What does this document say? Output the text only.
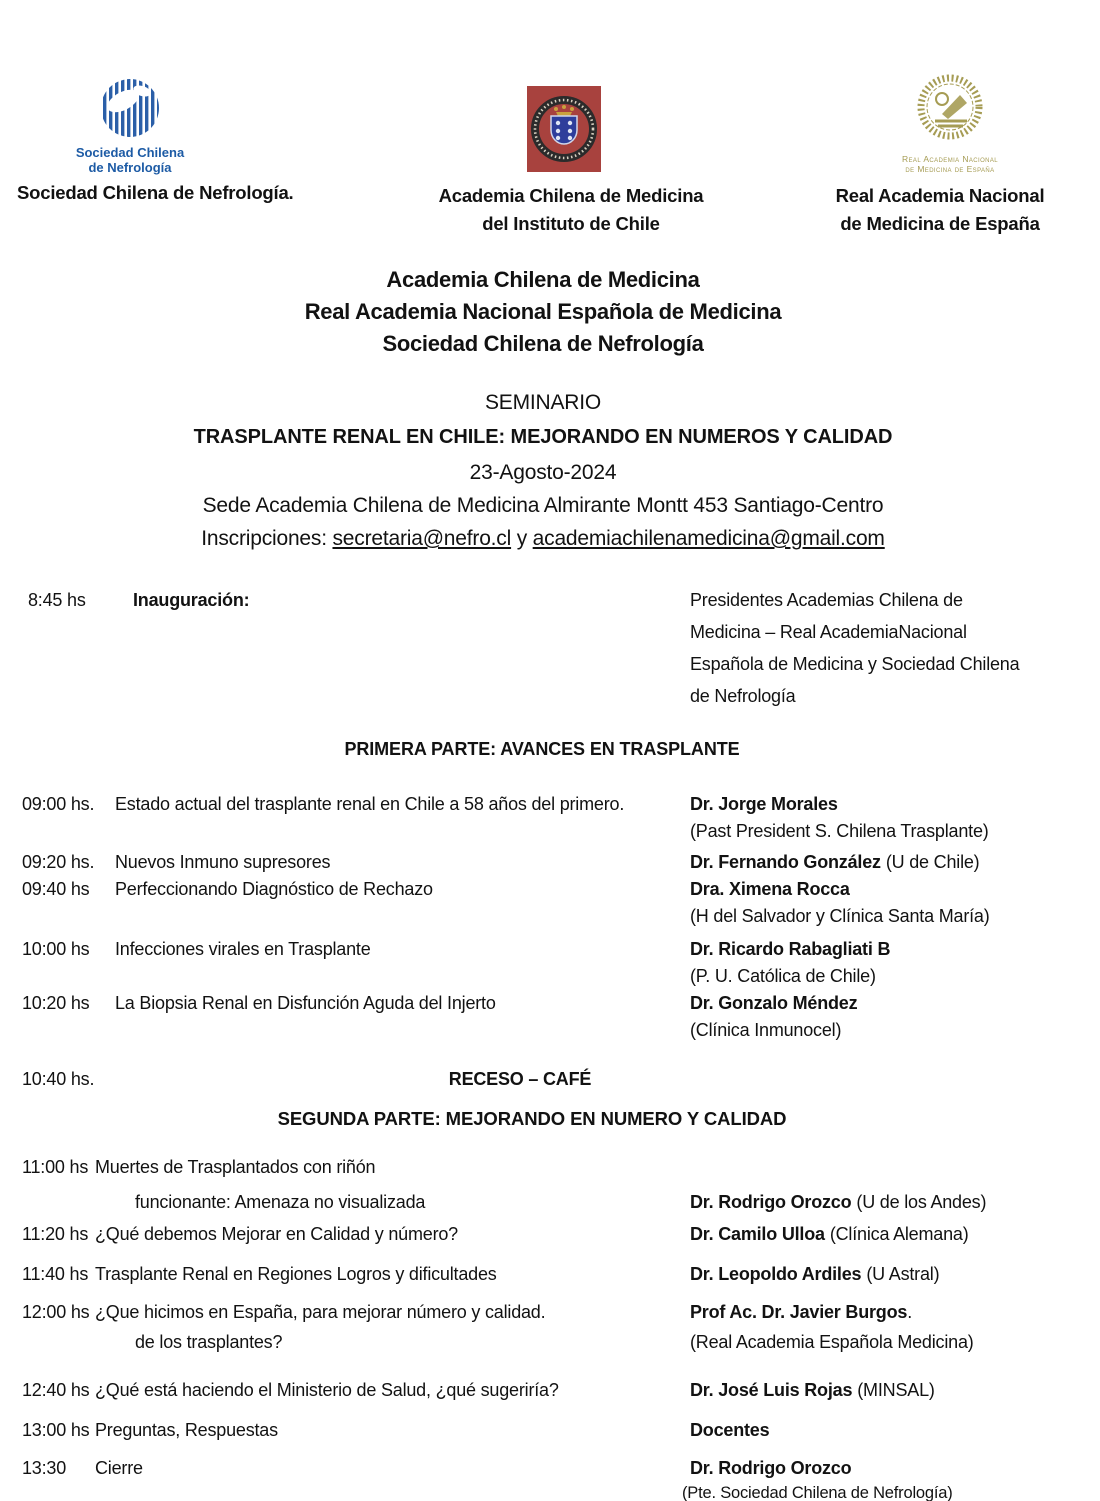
Sociedad Chilena
de Nefrología
Sociedad Chilena de Nefrología.	Academia Chilena de Medicina
del Instituto de Chile
Real Academia Nacional
de Medicina de España
Real Academia Nacional
de Medicina de España
Academia Chilena de Medicina
Real Academia Nacional Española de Medicina
Sociedad Chilena de Nefrología
SEMINARIO
TRASPLANTE RENAL EN CHILE: MEJORANDO EN NUMEROS Y CALIDAD
23-Agosto-2024
Sede Academia Chilena de Medicina Almirante Montt 453 Santiago-Centro
Inscripciones: secretaria@nefro.cl y academiachilenamedicina@gmail.com
8:45 hs	Inauguración:	Presidentes Academias Chilena de
Medicina – Real AcademiaNacional
Española de Medicina y Sociedad Chilena
de Nefrología
PRIMERA PARTE: AVANCES EN TRASPLANTE
09:00 hs.	Estado actual del trasplante renal en Chile a 58 años del primero.	Dr. Jorge Morales
(Past President S. Chilena Trasplante)
09:20 hs.	Nuevos Inmuno supresores	Dr. Fernando González (U de Chile)
09:40 hs	Perfeccionando Diagnóstico de Rechazo	Dra. Ximena Rocca
(H del Salvador y Clínica Santa María)
10:00 hs	Infecciones virales en Trasplante	Dr. Ricardo Rabagliati B
(P. U. Católica de Chile)
10:20 hs	La Biopsia Renal en Disfunción Aguda del Injerto	Dr. Gonzalo Méndez
(Clínica Inmunocel)
10:40 hs.	RECESO – CAFÉ
SEGUNDA PARTE: MEJORANDO EN NUMERO Y CALIDAD
11:00 hs Muertes de Trasplantados con riñón
funcionante: Amenaza no visualizada	Dr. Rodrigo Orozco (U de los Andes)
11:20 hs ¿Qué debemos Mejorar en Calidad y número?	Dr. Camilo Ulloa (Clínica Alemana)
11:40 hs Trasplante Renal en Regiones Logros y dificultades	Dr. Leopoldo Ardiles (U Astral)
12:00 hs ¿Que hicimos en España, para mejorar número y calidad.
de los trasplantes?
Prof Ac. Dr. Javier Burgos.
(Real Academia Española Medicina)
12:40 hs ¿Qué está haciendo el Ministerio de Salud, ¿qué sugeriría?	Dr. José Luis Rojas (MINSAL)
13:00 hs Preguntas, Respuestas	Docentes
13:30	Cierre	Dr. Rodrigo Orozco
(Pte. Sociedad Chilena de Nefrología)
